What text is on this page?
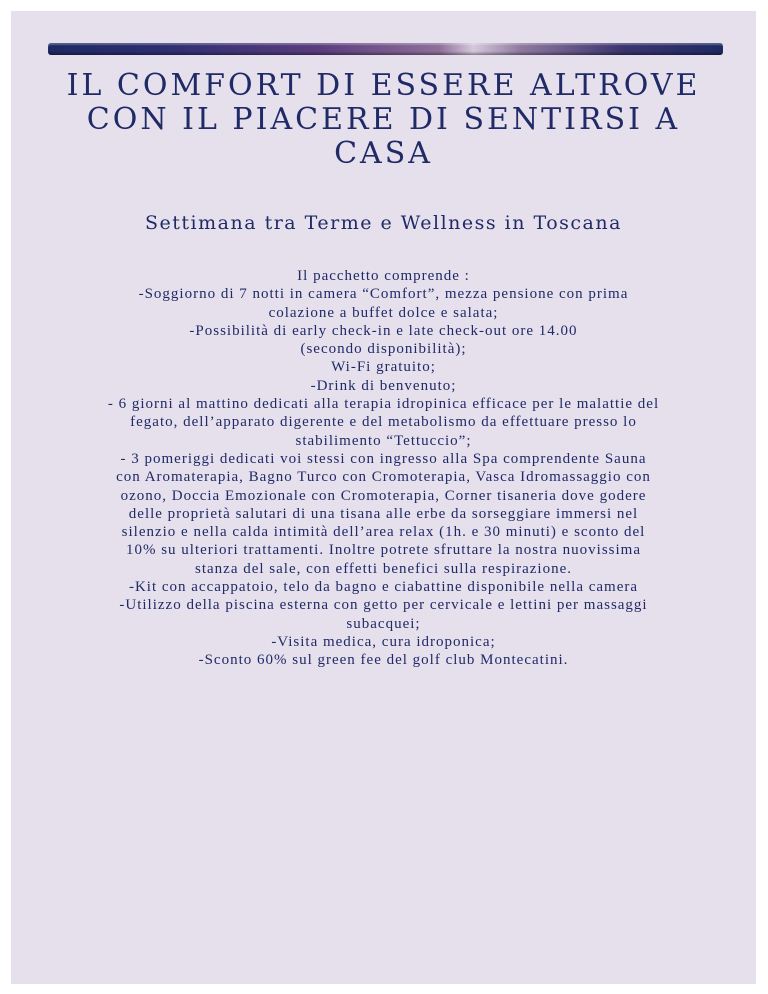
IL COMFORT DI ESSERE ALTROVE
CON IL PIACERE DI SENTIRSI A
CASA
Settimana tra Terme e Wellness in Toscana
Il pacchetto comprende :
-Soggiorno di 7 notti in camera “Comfort”, mezza pensione con prima
colazione a buffet dolce e salata;
-Possibilità di early check-in e late check-out ore 14.00
(secondo disponibilità);
Wi-Fi gratuito;
-Drink di benvenuto;
- 6 giorni al mattino dedicati alla terapia idropinica efficace per le malattie del
fegato, dell’apparato digerente e del metabolismo da effettuare presso lo
stabilimento “Tettuccio”;
- 3 pomeriggi dedicati voi stessi con ingresso alla Spa comprendente Sauna
con Aromaterapia, Bagno Turco con Cromoterapia, Vasca Idromassaggio con
ozono, Doccia Emozionale con Cromoterapia, Corner tisaneria dove godere
delle proprietà salutari di una tisana alle erbe da sorseggiare immersi nel
silenzio e nella calda intimità dell’area relax (1h. e 30 minuti) e sconto del
10% su ulteriori trattamenti. Inoltre potrete sfruttare la nostra nuovissima
stanza del sale, con effetti benefici sulla respirazione.
-Kit con accappatoio, telo da bagno e ciabattine disponibile nella camera
-Utilizzo della piscina esterna con getto per cervicale e lettini per massaggi
subacquei;
-Visita medica, cura idroponica;
-Sconto 60% sul green fee del golf club Montecatini.
